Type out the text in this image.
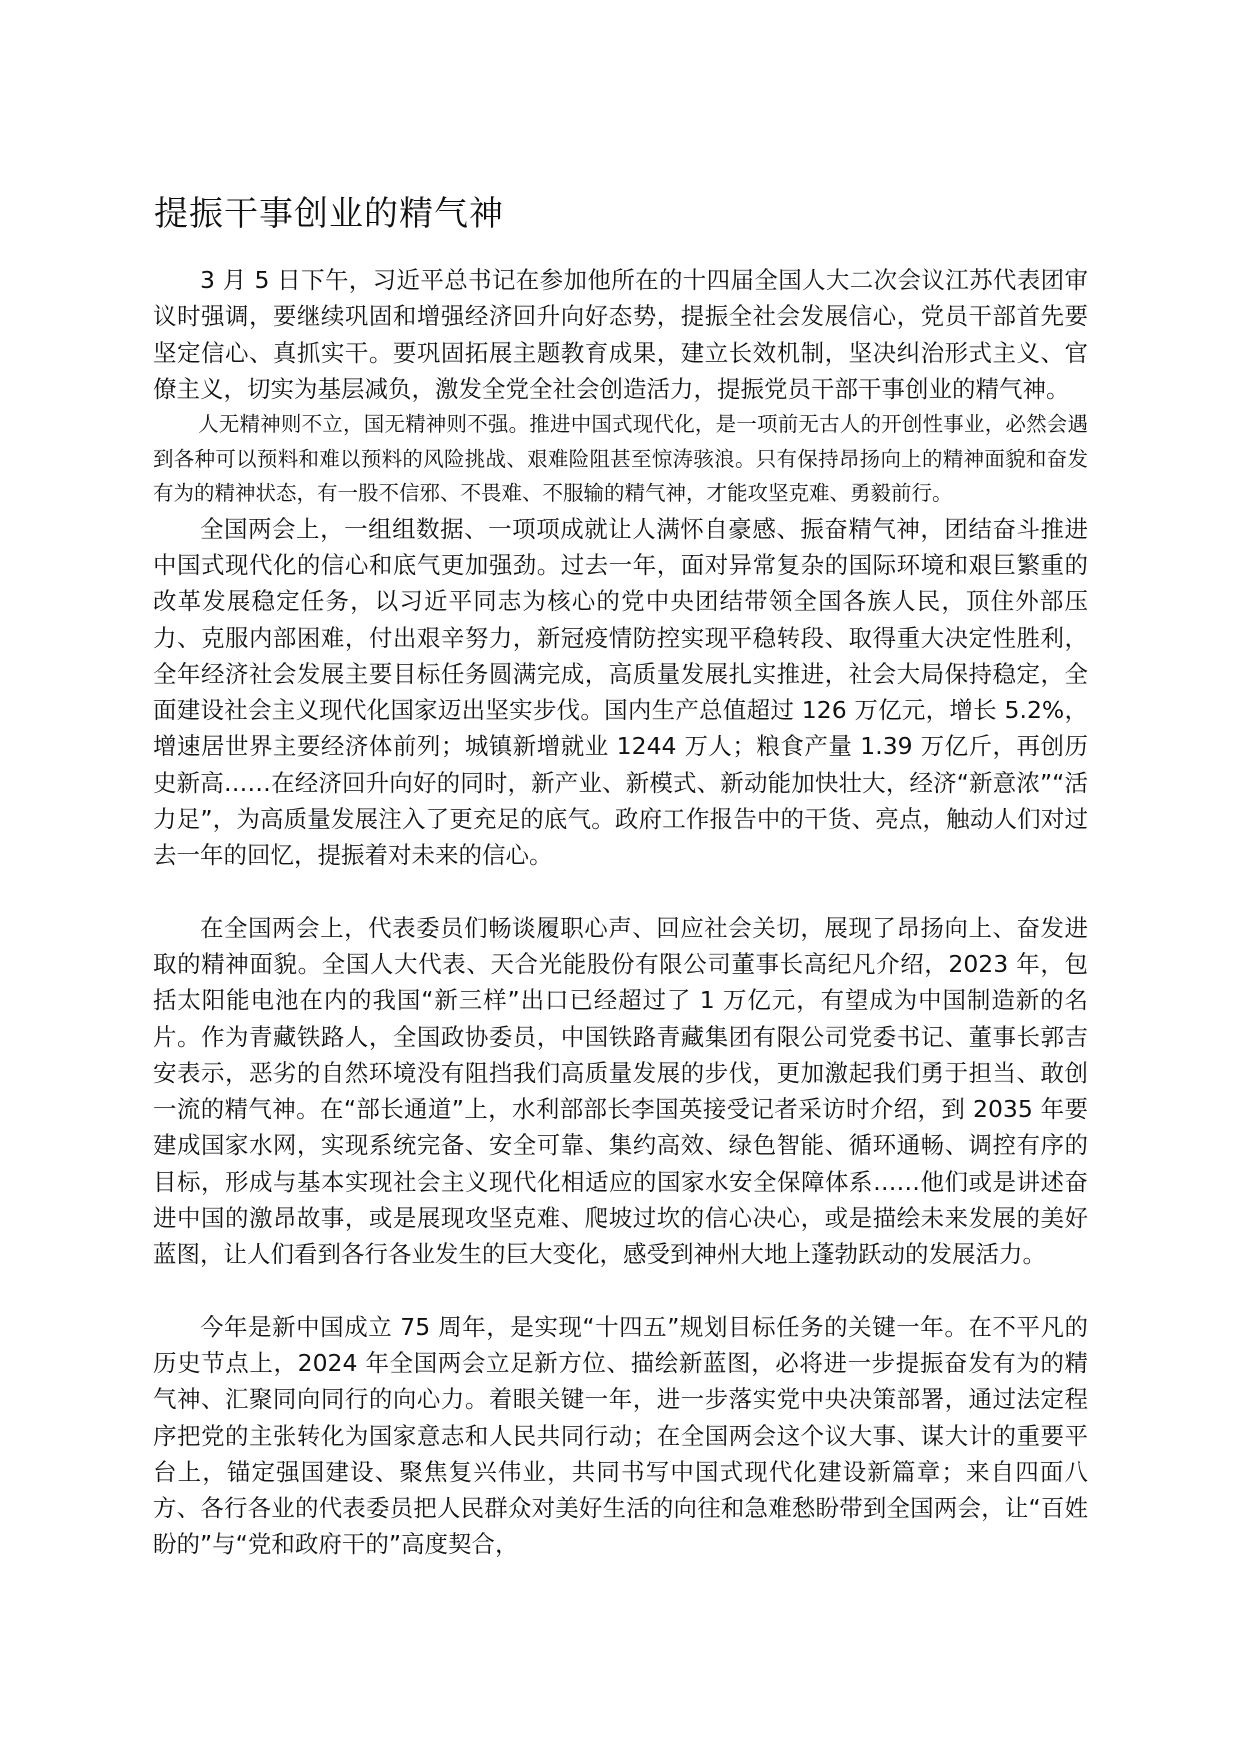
提振干事创业的精气神

3 月 5 日下午，习近平总书记在参加他所在的十四届全国人大二次会议江苏代表团审议时强调，要继续巩固和增强经济回升向好态势，提振全社会发展信心，党员干部首先要坚定信心、真抓实干。要巩固拓展主题教育成果，建立长效机制，坚决纠治形式主义、官僚主义，切实为基层减负，激发全党全社会创造活力，提振党员干部干事创业的精气神。

人无精神则不立，国无精神则不强。推进中国式现代化，是一项前无古人的开创性事业，必然会遇到各种可以预料和难以预料的风险挑战、艰难险阻甚至惊涛骇浪。只有保持昂扬向上的精神面貌和奋发有为的精神状态，有一股不信邪、不畏难、不服输的精气神，才能攻坚克难、勇毅前行。

全国两会上，一组组数据、一项项成就让人满怀自豪感、振奋精气神，团结奋斗推进中国式现代化的信心和底气更加强劲。过去一年，面对异常复杂的国际环境和艰巨繁重的改革发展稳定任务，以习近平同志为核心的党中央团结带领全国各族人民，顶住外部压力、克服内部困难，付出艰辛努力，新冠疫情防控实现平稳转段、取得重大决定性胜利，全年经济社会发展主要目标任务圆满完成，高质量发展扎实推进，社会大局保持稳定，全面建设社会主义现代化国家迈出坚实步伐。国内生产总值超过 126 万亿元，增长 5.2%，增速居世界主要经济体前列；城镇新增就业 1244 万人；粮食产量 1.39 万亿斤，再创历史新高……在经济回升向好的同时，新产业、新模式、新动能加快壮大，经济“新意浓”“活力足”，为高质量发展注入了更充足的底气。政府工作报告中的干货、亮点，触动人们对过去一年的回忆，提振着对未来的信心。

在全国两会上，代表委员们畅谈履职心声、回应社会关切，展现了昂扬向上、奋发进取的精神面貌。全国人大代表、天合光能股份有限公司董事长高纪凡介绍，2023 年，包括太阳能电池在内的我国“新三样”出口已经超过了 1 万亿元，有望成为中国制造新的名片。作为青藏铁路人，全国政协委员，中国铁路青藏集团有限公司党委书记、董事长郭吉安表示，恶劣的自然环境没有阻挡我们高质量发展的步伐，更加激起我们勇于担当、敢创一流的精气神。在“部长通道”上，水利部部长李国英接受记者采访时介绍，到 2035 年要建成国家水网，实现系统完备、安全可靠、集约高效、绿色智能、循环通畅、调控有序的目标，形成与基本实现社会主义现代化相适应的国家水安全保障体系……他们或是讲述奋进中国的激昂故事，或是展现攻坚克难、爬坡过坎的信心决心，或是描绘未来发展的美好蓝图，让人们看到各行各业发生的巨大变化，感受到神州大地上蓬勃跃动的发展活力。

今年是新中国成立 75 周年，是实现“十四五”规划目标任务的关键一年。在不平凡的历史节点上，2024 年全国两会立足新方位、描绘新蓝图，必将进一步提振奋发有为的精气神、汇聚同向同行的向心力。着眼关键一年，进一步落实党中央决策部署，通过法定程序把党的主张转化为国家意志和人民共同行动；在全国两会这个议大事、谋大计的重要平台上，锚定强国建设、聚焦复兴伟业，共同书写中国式现代化建设新篇章；来自四面八方、各行各业的代表委员把人民群众对美好生活的向往和急难愁盼带到全国两会，让“百姓盼的”与“党和政府干的”高度契合，
